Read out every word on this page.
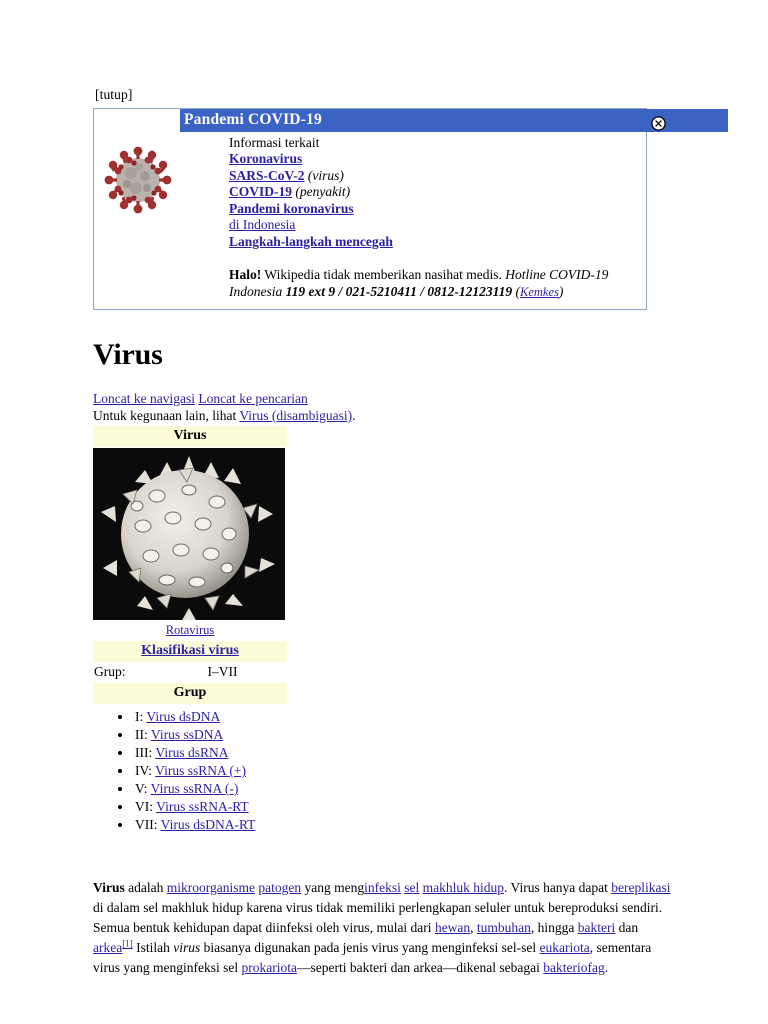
[tutup]
Pandemi COVID-19
Informasi terkait
Koronavirus
SARS-CoV-2 (virus)
COVID-19 (penyakit)
Pandemi koronavirus
di Indonesia
Langkah-langkah mencegah
Halo! Wikipedia tidak memberikan nasihat medis. Hotline COVID-19 Indonesia 119 ext 9 / 021-5210411 / 0812-12123119 (Kemkes)
Virus
Loncat ke navigasi Loncat ke pencarian
Untuk kegunaan lain, lihat Virus (disambiguasi).
Virus
Rotavirus
Klasifikasi virus
Grup:	I–VII
Grup
• I: Virus dsDNA
• II: Virus ssDNA
• III: Virus dsRNA
• IV: Virus ssRNA (+)
• V: Virus ssRNA (-)
• VI: Virus ssRNA-RT
• VII: Virus dsDNA-RT

Virus adalah mikroorganisme patogen yang menginfeksi sel makhluk hidup. Virus hanya dapat bereplikasi di dalam sel makhluk hidup karena virus tidak memiliki perlengkapan seluler untuk bereproduksi sendiri. Semua bentuk kehidupan dapat diinfeksi oleh virus, mulai dari hewan, tumbuhan, hingga bakteri dan arkea[1] Istilah virus biasanya digunakan pada jenis virus yang menginfeksi sel-sel eukariota, sementara virus yang menginfeksi sel prokariota—seperti bakteri dan arkea—dikenal sebagai bakteriofag.
